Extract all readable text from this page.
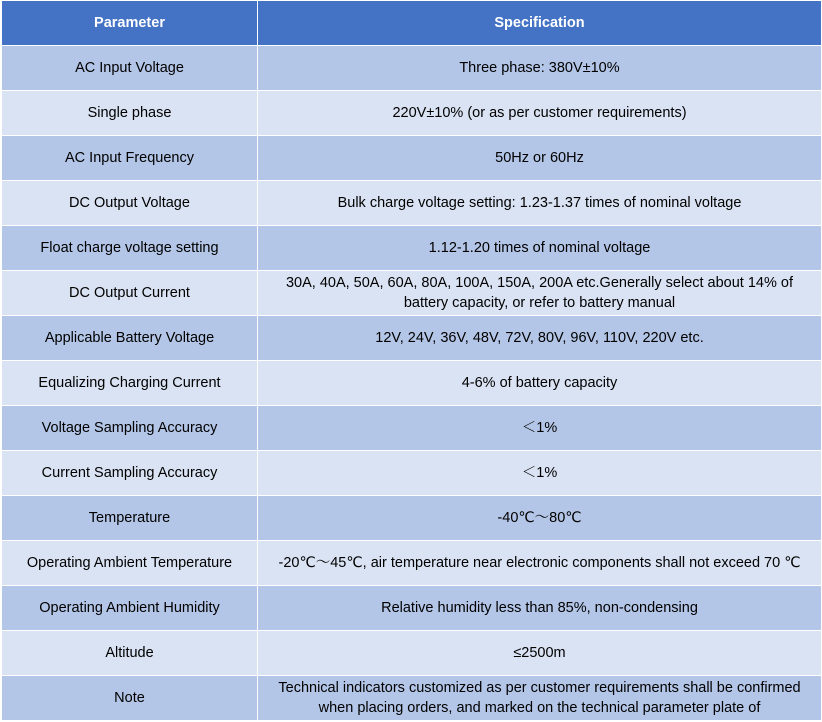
Parameter	Specification
AC Input Voltage	Three phase: 380V±10%
Single phase	220V±10% (or as per customer requirements)
AC Input Frequency	50Hz or 60Hz
DC Output Voltage	Bulk charge voltage setting: 1.23-1.37 times of nominal voltage
Float charge voltage setting	1.12-1.20 times of nominal voltage
DC Output Current	30A, 40A, 50A, 60A, 80A, 100A, 150A, 200A etc.Generally select about 14% of battery capacity, or refer to battery manual
Applicable Battery Voltage	12V, 24V, 36V, 48V, 72V, 80V, 96V, 110V, 220V etc.
Equalizing Charging Current	4-6% of battery capacity
Voltage Sampling Accuracy	＜1%
Current Sampling Accuracy	＜1%
Temperature	-40℃～80℃
Operating Ambient Temperature	-20℃～45℃, air temperature near electronic components shall not exceed 70 ℃
Operating Ambient Humidity	Relative humidity less than 85%, non-condensing
Altitude	≤2500m
Note	Technical indicators customized as per customer requirements shall be confirmed when placing orders, and marked on the technical parameter plate of
